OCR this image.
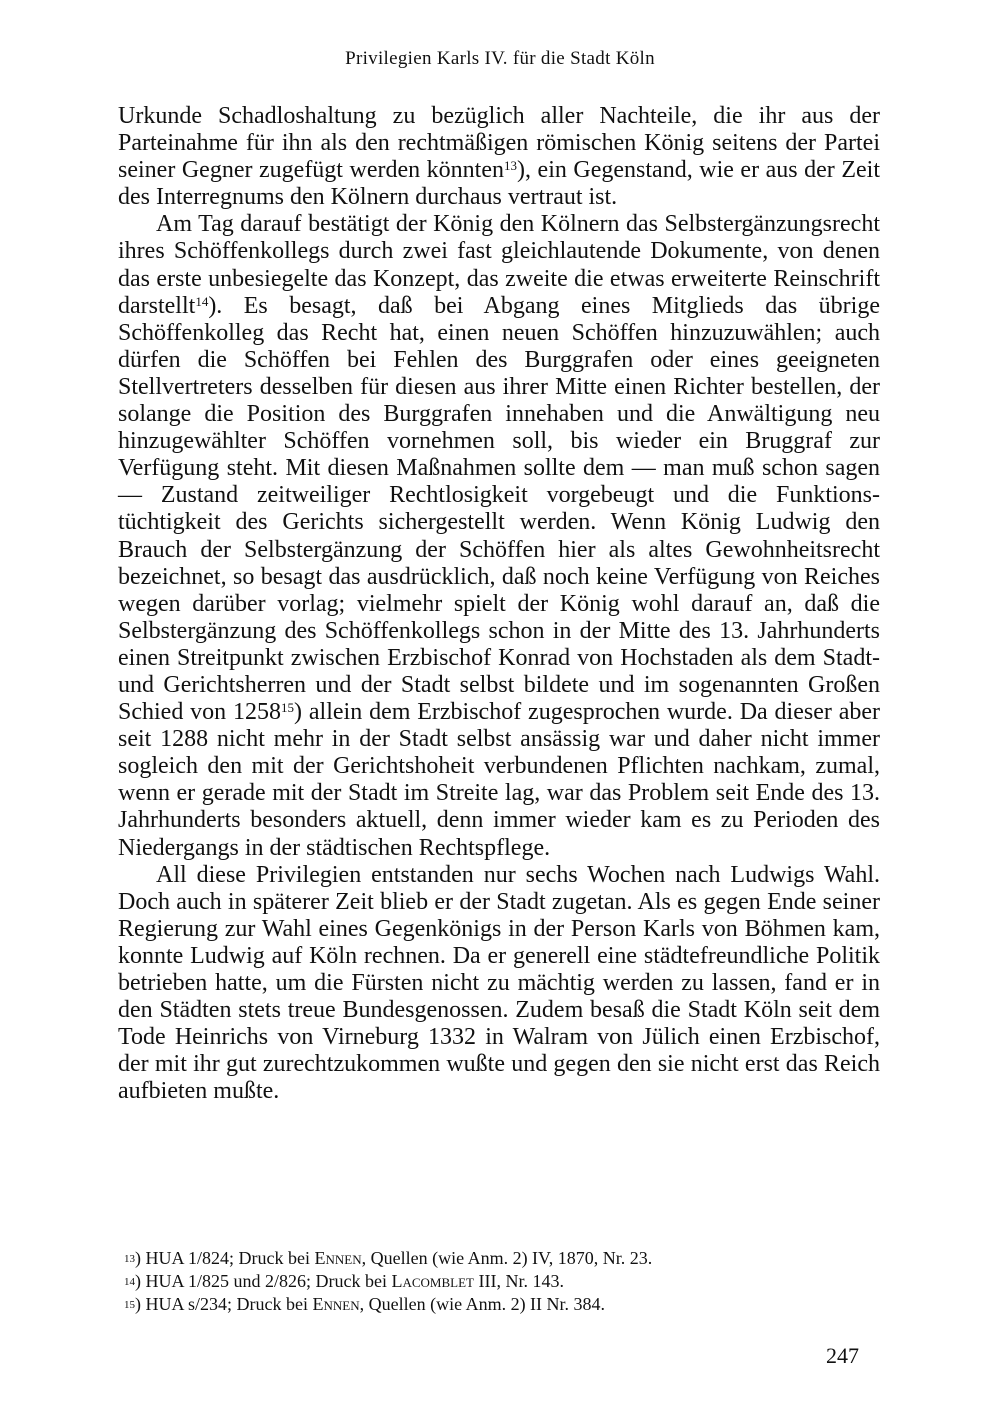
Privilegien Karls IV. für die Stadt Köln

Urkunde Schadloshaltung zu bezüglich aller Nachteile, die ihr aus der Parteinahme für ihn als den rechtmäßigen römischen König seitens der Partei seiner Gegner zugefügt werden könnten$^{13}$), ein Gegenstand, wie er aus der Zeit des Interregnums den Kölnern durchaus vertraut ist.

Am Tag darauf bestätigt der König den Kölnern das Selbstergänzungsrecht ihres Schöffenkollegs durch zwei fast gleichlautende Dokumente, von denen das erste unbesiegelte das Konzept, das zweite die etwas erweiterte Reinschrift darstellt$^{14}$). Es besagt, daß bei Abgang eines Mitglieds das übrige Schöffenkolleg das Recht hat, einen neuen Schöffen hinzuzuwählen; auch dürfen die Schöffen bei Fehlen des Burggrafen oder eines geeigneten Stellvertreters desselben für diesen aus ihrer Mitte einen Richter bestellen, der solange die Position des Burggrafen innehaben und die Anwältigung neu hinzugewählter Schöffen vornehmen soll, bis wieder ein Bruggraf zur Verfügung steht. Mit diesen Maßnahmen sollte dem — man muß schon sagen — Zustand zeitweiliger Rechtlosigkeit vorgebeugt und die Funktionstüchtigkeit des Gerichts sichergestellt werden. Wenn König Ludwig den Brauch der Selbstergänzung der Schöffen hier als altes Gewohnheitsrecht bezeichnet, so besagt das ausdrücklich, daß noch keine Verfügung von Reiches wegen darüber vorlag; vielmehr spielt der König wohl darauf an, daß die Selbstergänzung des Schöffenkollegs schon in der Mitte des 13. Jahrhunderts einen Streitpunkt zwischen Erzbischof Konrad von Hochstaden als dem Stadt- und Gerichtsherren und der Stadt selbst bildete und im sogenannten Großen Schied von 1258$^{15}$) allein dem Erzbischof zugesprochen wurde. Da dieser aber seit 1288 nicht mehr in der Stadt selbst ansässig war und daher nicht immer sogleich den mit der Gerichtshoheit verbundenen Pflichten nachkam, zumal, wenn er gerade mit der Stadt im Streite lag, war das Problem seit Ende des 13. Jahrhunderts besonders aktuell, denn immer wieder kam es zu Perioden des Niedergangs in der städtischen Rechtspflege.

All diese Privilegien entstanden nur sechs Wochen nach Ludwigs Wahl. Doch auch in späterer Zeit blieb er der Stadt zugetan. Als es gegen Ende seiner Regierung zur Wahl eines Gegenkönigs in der Person Karls von Böhmen kam, konnte Ludwig auf Köln rechnen. Da er generell eine städtefreundliche Politik betrieben hatte, um die Fürsten nicht zu mächtig werden zu lassen, fand er in den Städten stets treue Bundesgenossen. Zudem besaß die Stadt Köln seit dem Tode Heinrichs von Virneburg 1332 in Walram von Jülich einen Erzbischof, der mit ihr gut zurechtzukommen wußte und gegen den sie nicht erst das Reich aufbieten mußte.

$^{13}$) HUA 1/824; Druck bei Ennen, Quellen (wie Anm. 2) IV, 1870, Nr. 23.

$^{14}$) HUA 1/825 und 2/826; Druck bei Lacomblet III, Nr. 143.

$^{15}$) HUA s/234; Druck bei Ennen, Quellen (wie Anm. 2) II Nr. 384.

247
